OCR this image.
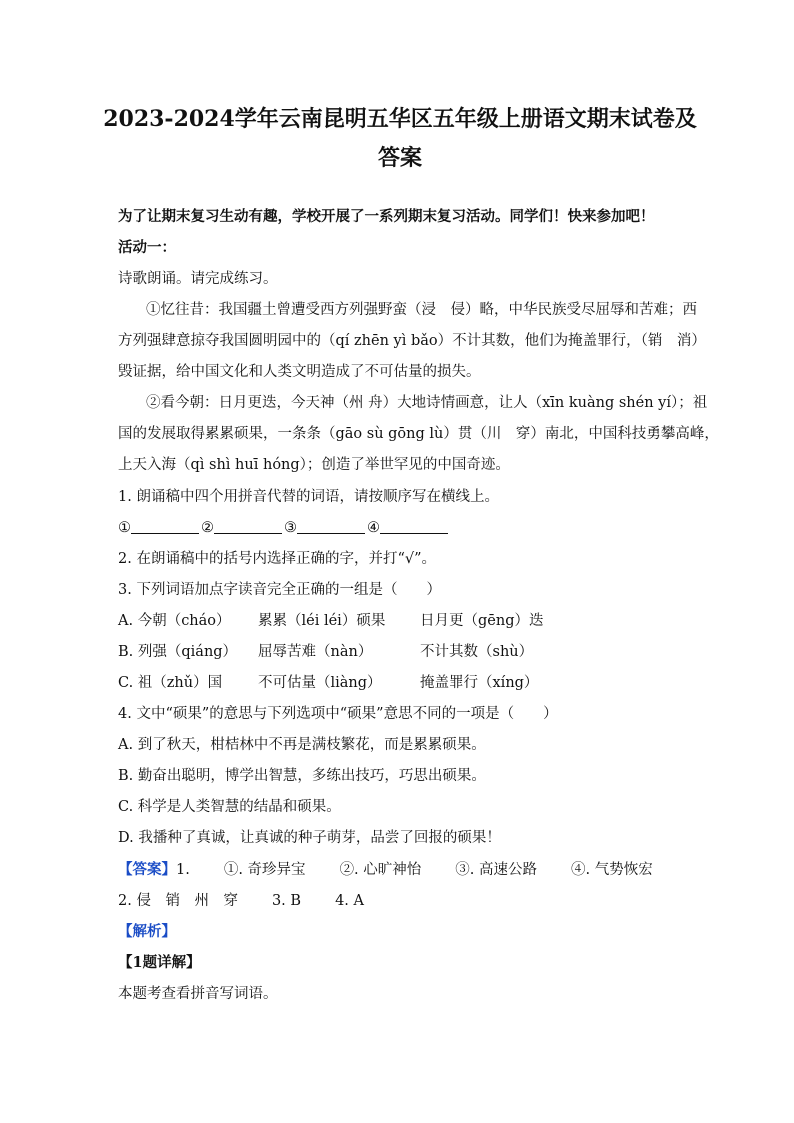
2023-2024学年云南昆明五华区五年级上册语文期末试卷及
答案
为了让期末复习生动有趣，学校开展了一系列期末复习活动。同学们！快来参加吧！
活动一：
诗歌朗诵。请完成练习。
①忆往昔：我国疆土曾遭受西方列强野蛮（浸　侵）略，中华民族受尽屈辱和苦难；西
方列强肆意掠夺我国圆明园中的（qí zhēn yì bǎo）不计其数，他们为掩盖罪行，（销　消）
毁证据，给中国文化和人类文明造成了不可估量的损失。
②看今朝：日月更迭，今天神（州 舟）大地诗情画意，让人（xīn kuàng shén yí）；祖
国的发展取得累累硕果，一条条（gāo sù gōng lù）贯（川　穿）南北，中国科技勇攀高峰，
上天入海（qì shì huī hóng）；创造了举世罕见的中国奇迹。
1. 朗诵稿中四个用拼音代替的词语，请按顺序写在横线上。
①	②	③	④
2. 在朗诵稿中的括号内选择正确的字，并打“√”。
3. 下列词语加点字读音完全正确的一组是（　　）
A. 今朝（cháo） 累累（léi léi）硕果 日月更（gēng）迭
B. 列强（qiáng） 屈辱苦难（nàn）	不计其数（shù）
C. 祖（zhǔ）国 不可估量（liàng）	掩盖罪行（xíng）
4. 文中“硕果”的意思与下列选项中“硕果”意思不同的一项是（　　）
A. 到了秋天，柑桔林中不再是满枝繁花，而是累累硕果。
B. 勤奋出聪明，博学出智慧，多练出技巧，巧思出硕果。
C. 科学是人类智慧的结晶和硕果。
D. 我播种了真诚，让真诚的种子萌芽，品尝了回报的硕果！
【答案】1. ①. 奇珍异宝 ②. 心旷神怡 ③. 高速公路 ④. 气势恢宏
2. 侵　销　州　穿 3. B 4. A
【解析】
【1题详解】
本题考查看拼音写词语。
